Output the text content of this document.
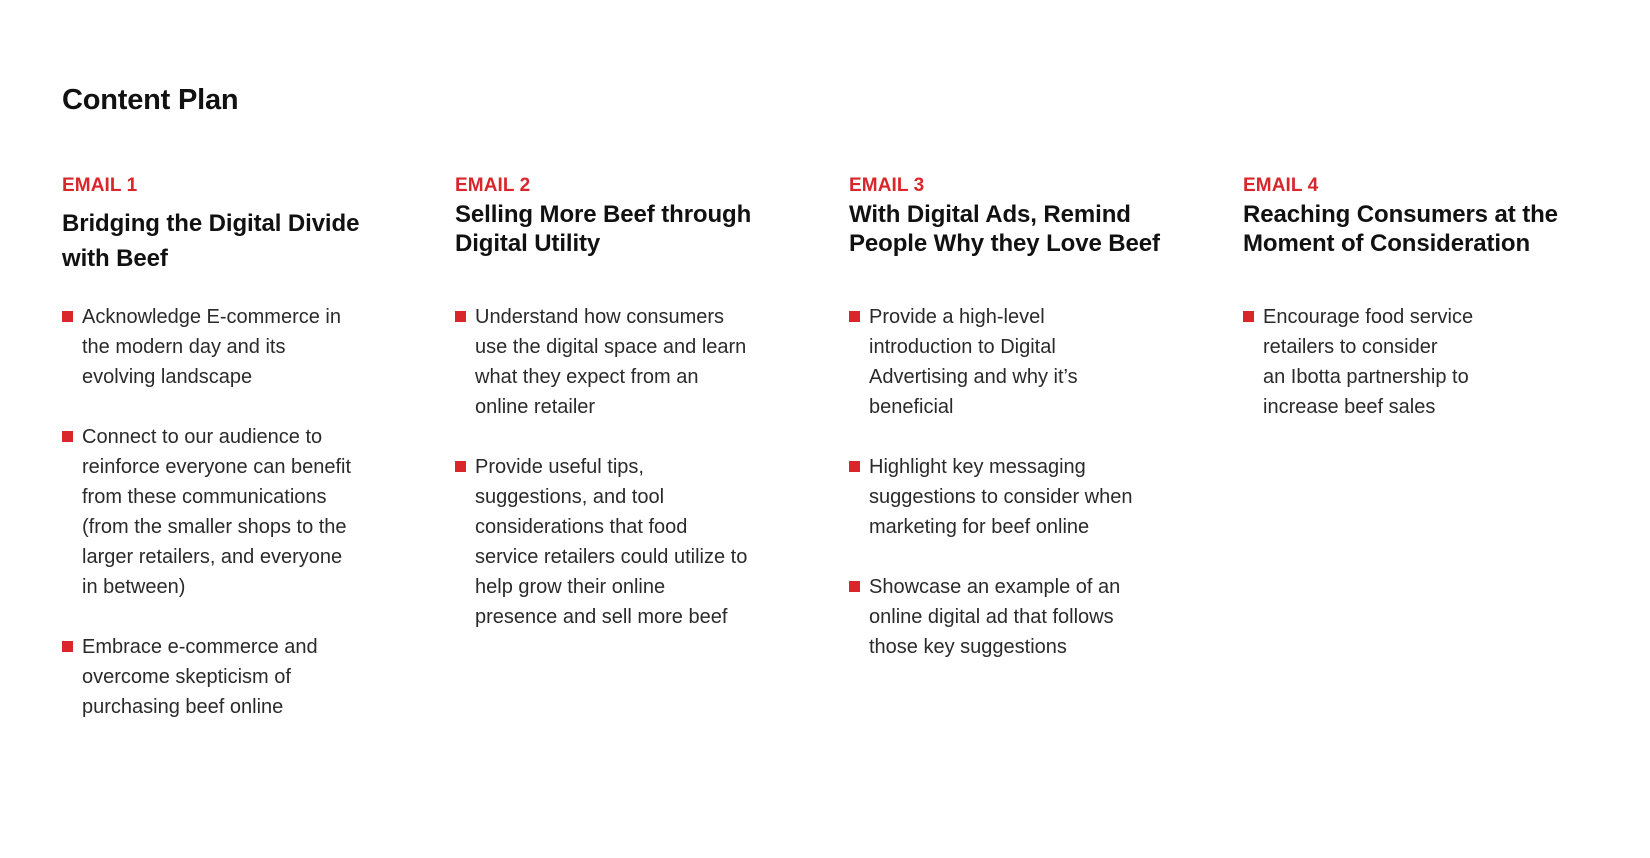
Content Plan
EMAIL 1
Bridging the Digital Divide
with Beef
Acknowledge E-commerce in
the modern day and its
evolving landscape
Connect to our audience to
reinforce everyone can benefit
from these communications
(from the smaller shops to the
larger retailers, and everyone
in between)
Embrace e-commerce and
overcome skepticism of
purchasing beef online
EMAIL 2
Selling More Beef through
Digital Utility
Understand how consumers
use the digital space and learn
what they expect from an
online retailer
Provide useful tips,
suggestions, and tool
considerations that food
service retailers could utilize to
help grow their online
presence and sell more beef
EMAIL 3
With Digital Ads, Remind
People Why they Love Beef
Provide a high-level
introduction to Digital
Advertising and why it’s
beneficial
Highlight key messaging
suggestions to consider when
marketing for beef online
Showcase an example of an
online digital ad that follows
those key suggestions
EMAIL 4
Reaching Consumers at the
Moment of Consideration
Encourage food service
retailers to consider
an Ibotta partnership to
increase beef sales
